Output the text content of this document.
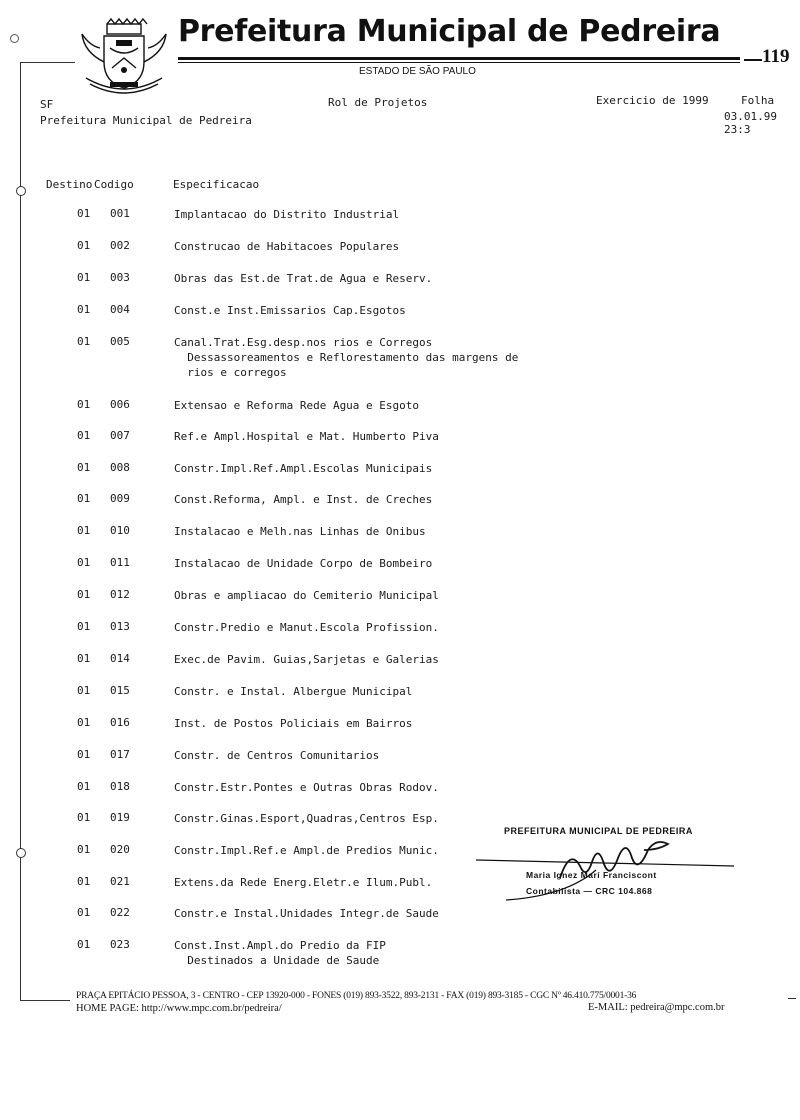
Prefeitura Municipal de Pedreira
ESTADO DE SÃO PAULO
119
SF
Prefeitura Municipal de Pedreira
Rol de Projetos	Exercicio de 1999	Folha
03.01.99 23:3
Destino Codigo	Especificacao
01 001	Implantacao do Distrito Industrial
01 002	Construcao de Habitacoes Populares
01 003	Obras das Est.de Trat.de Agua e Reserv.
01 004	Const.e Inst.Emissarios Cap.Esgotos
01 005	Canal.Trat.Esg.desp.nos rios e Corregos
Dessassoreamentos e Reflorestamento das margens de
rios e corregos
01 006	Extensao e Reforma Rede Agua e Esgoto
01 007	Ref.e Ampl.Hospital e Mat. Humberto Piva
01 008	Constr.Impl.Ref.Ampl.Escolas Municipais
01 009	Const.Reforma, Ampl. e Inst. de Creches
01 010	Instalacao e Melh.nas Linhas de Onibus
01 011	Instalacao de Unidade Corpo de Bombeiro
01 012	Obras e ampliacao do Cemiterio Municipal
01 013	Constr.Predio e Manut.Escola Profission.
01 014	Exec.de Pavim. Guias,Sarjetas e Galerias
01 015	Constr. e Instal. Albergue Municipal
01 016	Inst. de Postos Policiais em Bairros
01 017	Constr. de Centros Comunitarios
01 018	Constr.Estr.Pontes e Outras Obras Rodov.
01 019	Constr.Ginas.Esport,Quadras,Centros Esp.
01 020	Constr.Impl.Ref.e Ampl.de Predios Munic.
01 021	Extens.da Rede Energ.Eletr.e Ilum.Publ.
01 022	Constr.e Instal.Unidades Integr.de Saude
01 023	Const.Inst.Ampl.do Predio da FIP
Destinados a Unidade de Saude
PREFEITURA MUNICIPAL DE PEDREIRA
Maria Ignez Marí Franciscont
Contabilista — CRC 104.868
PRAÇA EPITÁCIO PESSOA, 3 - CENTRO - CEP 13920-000 - FONES (019) 893-3522, 893-2131 - FAX (019) 893-3185 - CGC Nº 46.410.775/0001-36
HOME PAGE: http://www.mpc.com.br/pedreira/	E-MAIL: pedreira@mpc.com.br
